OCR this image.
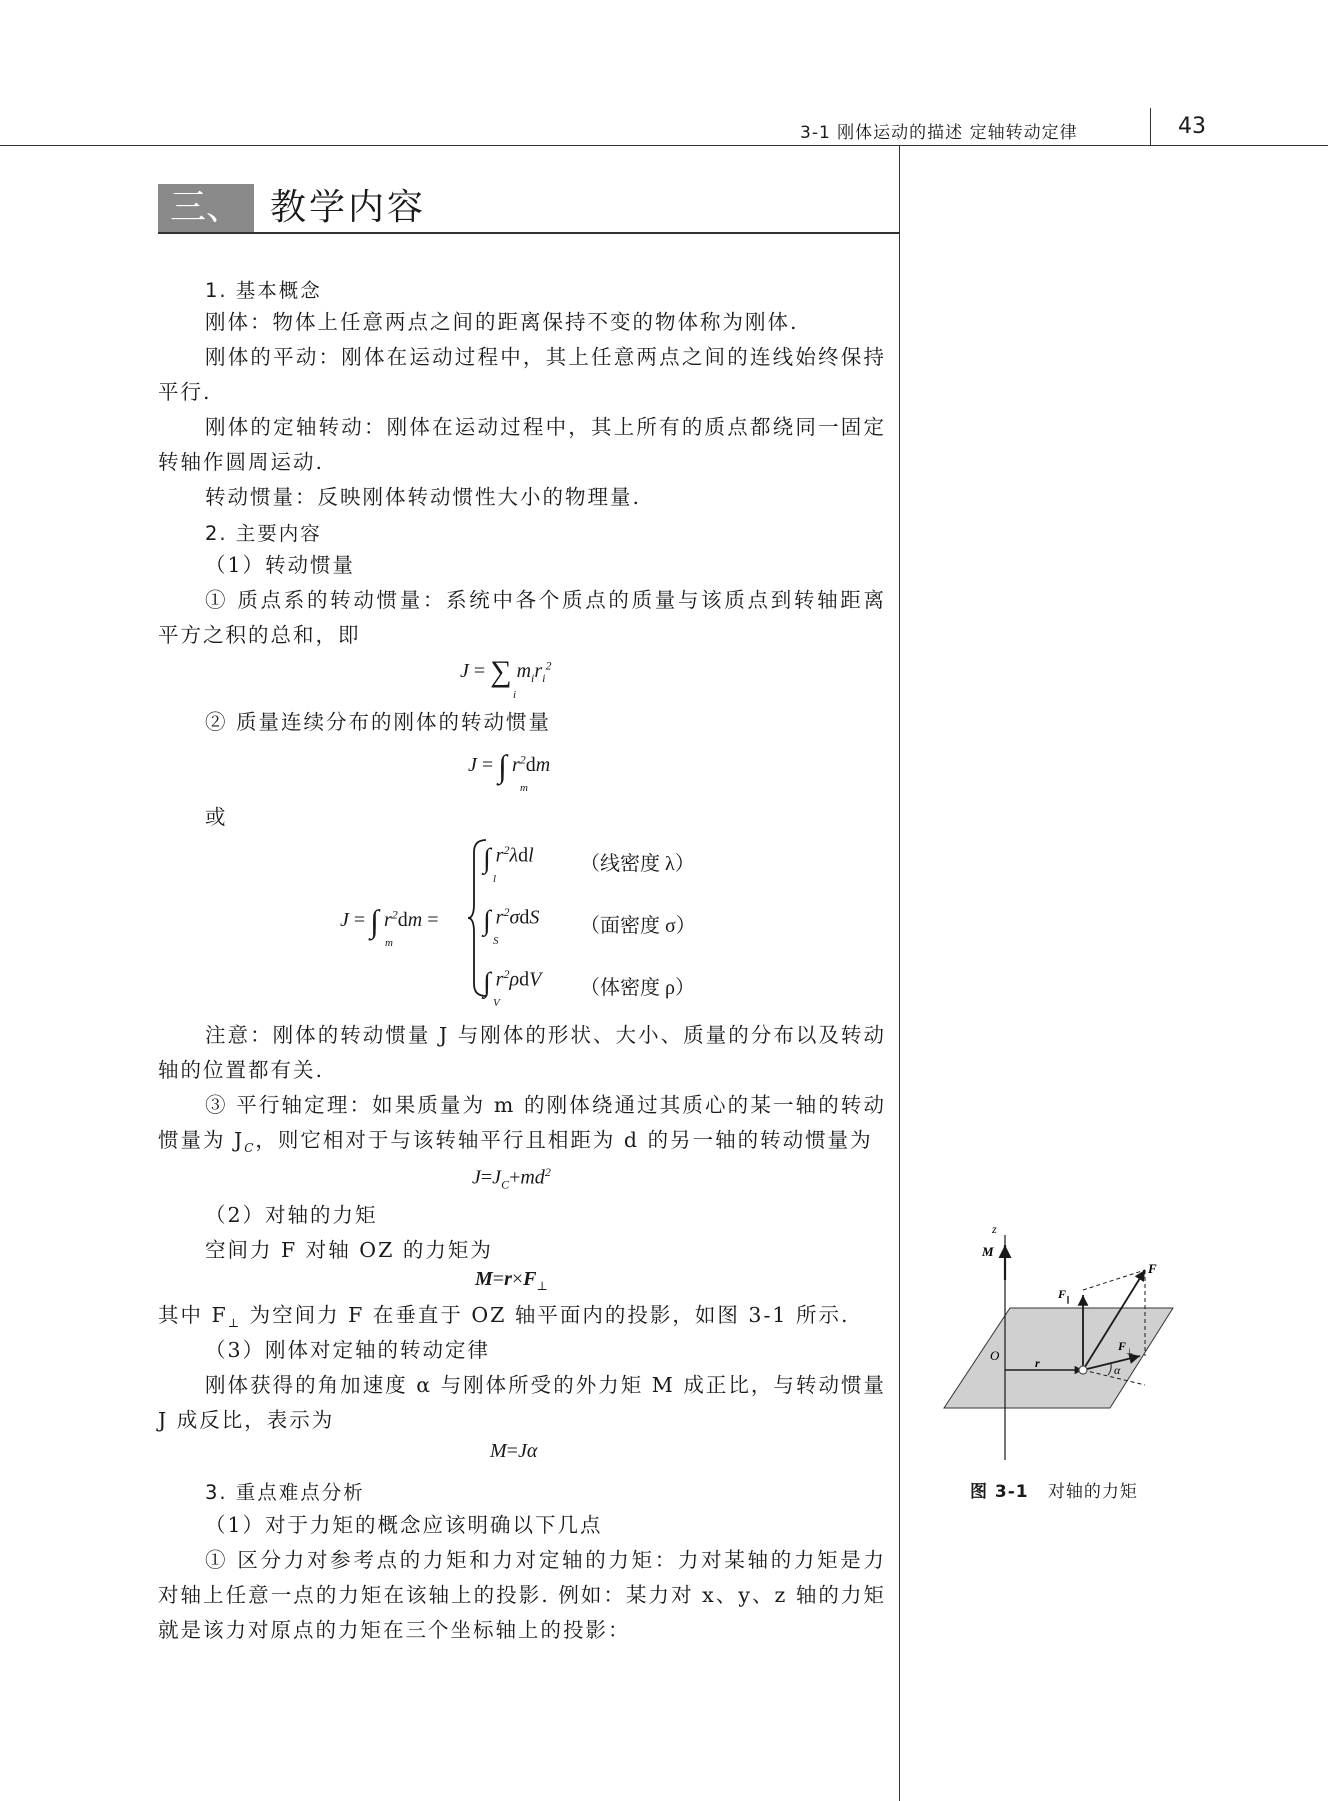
3-1 刚体运动的描述 定轴转动定律	43
三、 教学内容
1. 基本概念
刚体：物体上任意两点之间的距离保持不变的物体称为刚体.
刚体的平动：刚体在运动过程中，其上任意两点之间的连线始终保持平行.
刚体的定轴转动：刚体在运动过程中，其上所有的质点都绕同一固定转轴作圆周运动.
转动惯量：反映刚体转动惯性大小的物理量.
2. 主要内容
（1）转动惯量
① 质点系的转动惯量：系统中各个质点的质量与该质点到转轴距离平方之积的总和，即
J = ∑ $m_ir_i^2$
i
② 质量连续分布的刚体的转动惯量
J = ∫ $r^2dm$
m
或
J = ∫ $r^2dm$ =
m
∫ $r^2\lambda dl$
l
∫ $r^2\sigma dS$
S
∫ $r^2\rho dV$
V
（线密度 λ）
（面密度 σ）
（体密度 ρ）
注意：刚体的转动惯量 J 与刚体的形状、大小、质量的分布以及转动轴的位置都有关.
③ 平行轴定理：如果质量为 m 的刚体绕通过其质心的某一轴的转动惯量为 $J_C$，则它相对于与该转轴平行且相距为 d 的另一轴的转动惯量为
$J=J_C+md^2$
（2）对轴的力矩
空间力 F 对轴 OZ 的力矩为
$M=r\times F_\perp$
其中 $F_\perp$ 为空间力 F 在垂直于 OZ 轴平面内的投影，如图 3-1 所示.
（3）刚体对定轴的转动定律
刚体获得的角加速度 α 与刚体所受的外力矩 M 成正比，与转动惯量 J 成反比，表示为
M=Jα
3. 重点难点分析
（1）对于力矩的概念应该明确以下几点
① 区分力对参考点的力矩和力对定轴的力矩：力对某轴的力矩是力对轴上任意一点的力矩在该轴上的投影. 例如：某力对 x、y、z 轴的力矩就是该力对原点的力矩在三个坐标轴上的投影：
z
M
F
F ∥
F ⊥
O	r	α
图 3-1 对轴的力矩
